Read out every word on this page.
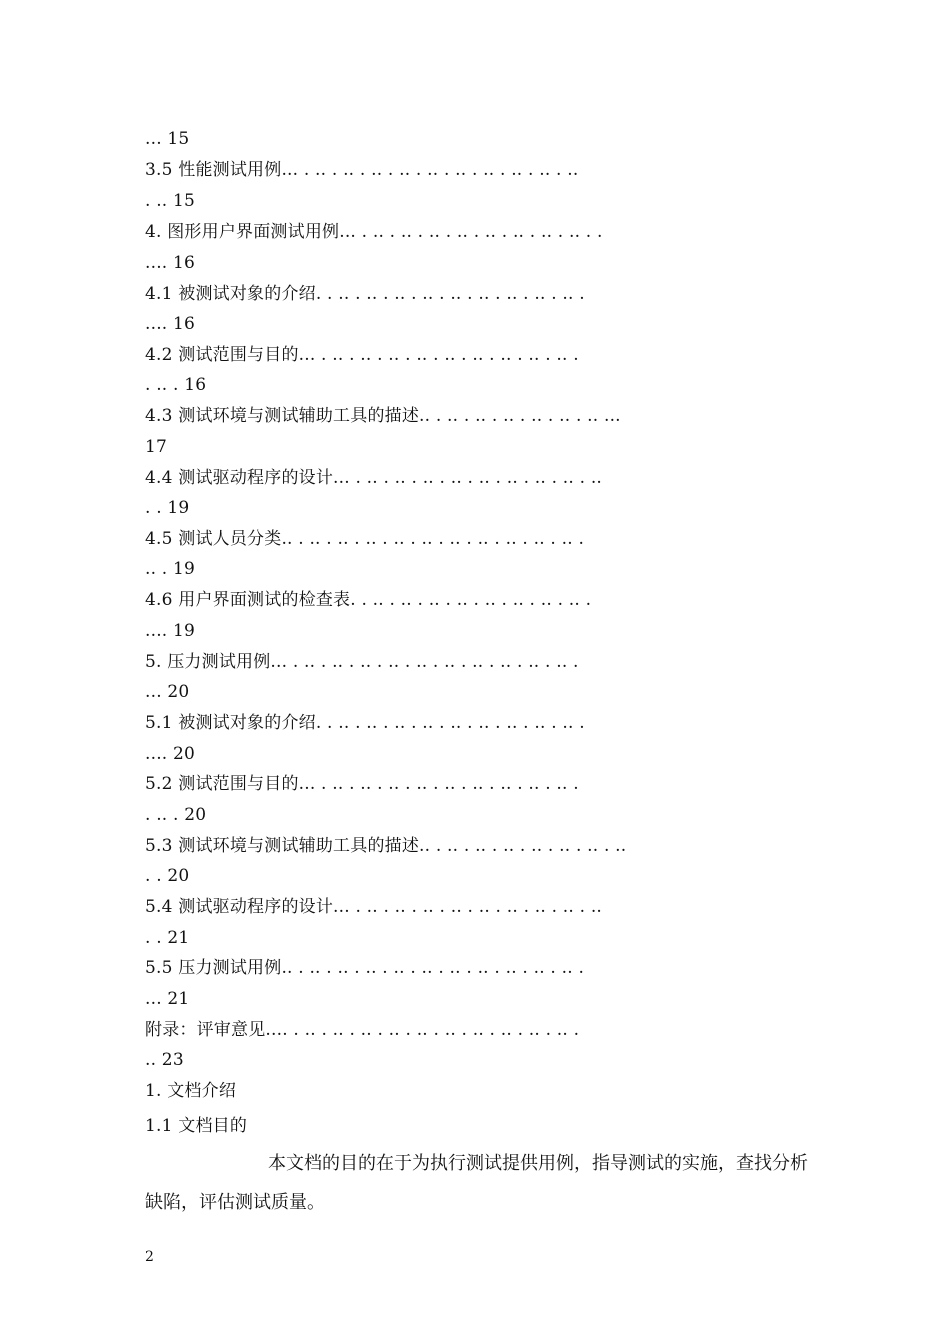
... 15
3.5 性能测试用例... . .. . .. . .. . .. . .. . .. . .. . .. . .. . ..
. .. 15
4. 图形用户界面测试用例... . .. . .. . .. . .. . .. . .. . .. . .. . .
.... 16
4.1 被测试对象的介绍. . .. . .. . .. . .. . .. . .. . .. . .. . .. .
.... 16
4.2 测试范围与目的... . .. . .. . .. . .. . .. . .. . .. . .. . .. .
. .. . 16
4.3 测试环境与测试辅助工具的描述.. . .. . .. . .. . .. . .. . .. ...
17
4.4 测试驱动程序的设计... . .. . .. . .. . .. . .. . .. . .. . .. . ..
. . 19
4.5 测试人员分类.. . .. . .. . .. . .. . .. . .. . .. . .. . .. . .. .
.. . 19
4.6 用户界面测试的检查表. . .. . .. . .. . .. . .. . .. . .. . .. .
.... 19
5. 压力测试用例... . .. . .. . .. . .. . .. . .. . .. . .. . .. . .. .
... 20
5.1 被测试对象的介绍. . .. . .. . .. . .. . .. . .. . .. . .. . .. .
.... 20
5.2 测试范围与目的... . .. . .. . .. . .. . .. . .. . .. . .. . .. .
. .. . 20
5.3 测试环境与测试辅助工具的描述.. . .. . .. . .. . .. . .. . .. . ..
. . 20
5.4 测试驱动程序的设计... . .. . .. . .. . .. . .. . .. . .. . .. . ..
. . 21
5.5 压力测试用例.. . .. . .. . .. . .. . .. . .. . .. . .. . .. . .. .
... 21
附录：评审意见.... . .. . .. . .. . .. . .. . .. . .. . .. . .. . .. .
.. 23
1. 文档介绍
1.1 文档目的
本文档的目的在于为执行测试提供用例，指导测试的实施，查找分析缺陷，评估测试质量。
2
